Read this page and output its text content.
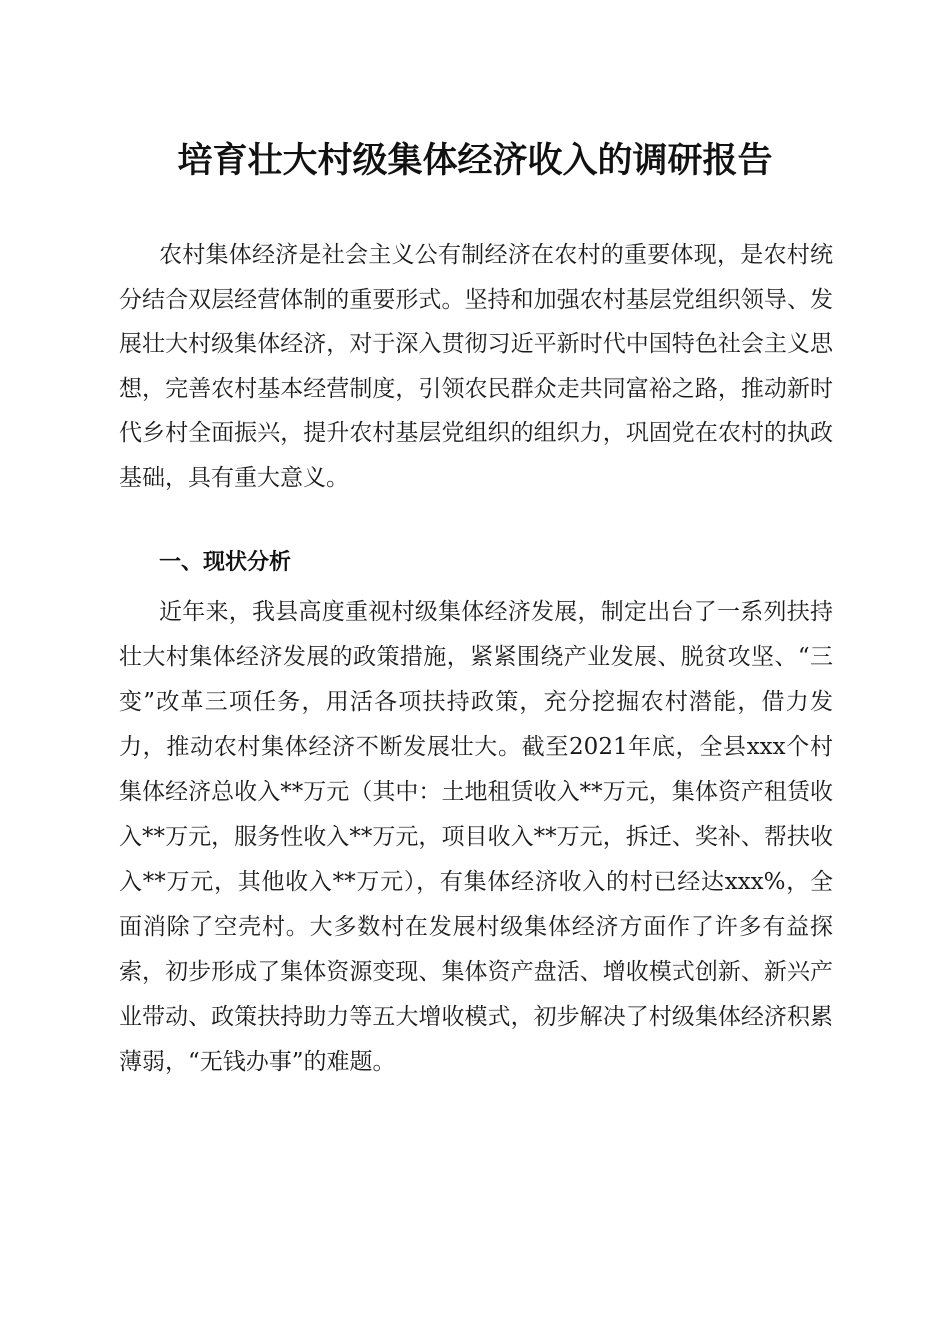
培育壮大村级集体经济收入的调研报告

农村集体经济是社会主义公有制经济在农村的重要体现，是农村统分结合双层经营体制的重要形式。坚持和加强农村基层党组织领导、发展壮大村级集体经济，对于深入贯彻习近平新时代中国特色社会主义思想，完善农村基本经营制度，引领农民群众走共同富裕之路，推动新时代乡村全面振兴，提升农村基层党组织的组织力，巩固党在农村的执政基础，具有重大意义。

一、现状分析

近年来，我县高度重视村级集体经济发展，制定出台了一系列扶持壮大村集体经济发展的政策措施，紧紧围绕产业发展、脱贫攻坚、“三变”改革三项任务，用活各项扶持政策，充分挖掘农村潜能，借力发力，推动农村集体经济不断发展壮大。截至2021年底，全县xxx个村集体经济总收入**万元（其中：土地租赁收入**万元，集体资产租赁收入**万元，服务性收入**万元，项目收入**万元，拆迁、奖补、帮扶收入**万元，其他收入**万元），有集体经济收入的村已经达xxx%，全面消除了空壳村。大多数村在发展村级集体经济方面作了许多有益探索，初步形成了集体资源变现、集体资产盘活、增收模式创新、新兴产业带动、政策扶持助力等五大增收模式，初步解决了村级集体经济积累薄弱，“无钱办事”的难题。
